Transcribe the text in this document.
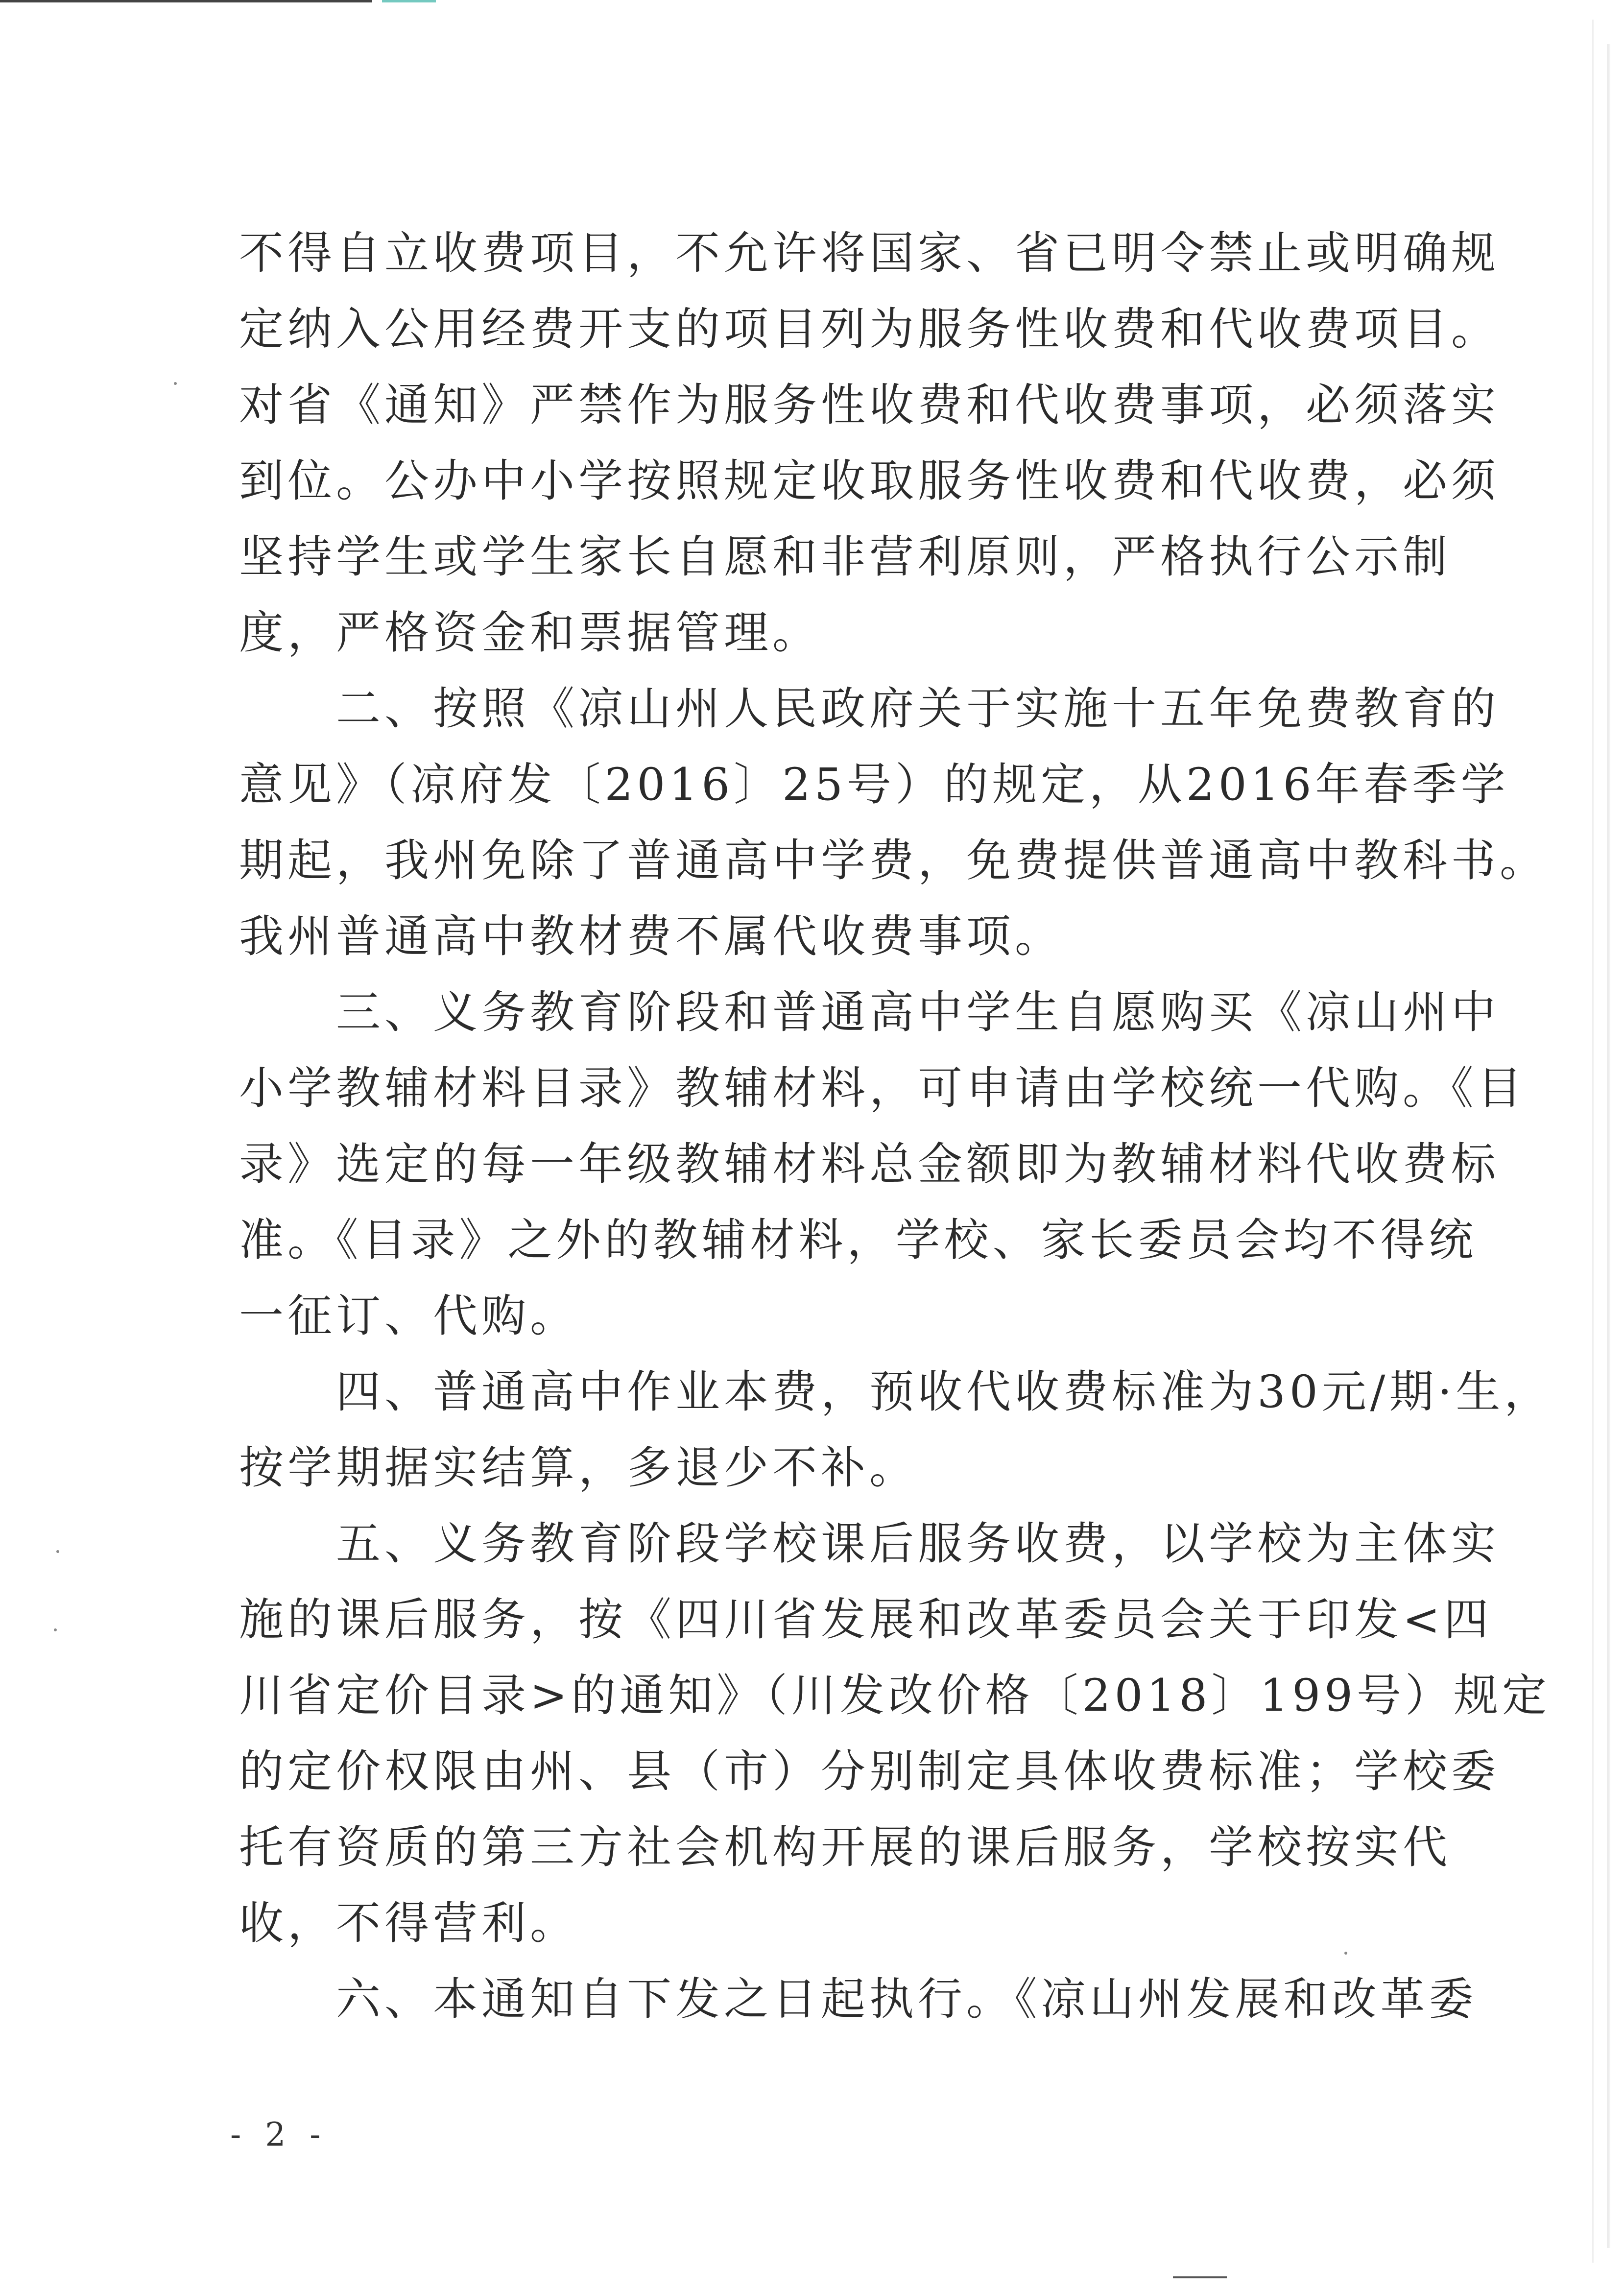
不得自立收费项目，不允许将国家、省已明令禁止或明确规
定纳入公用经费开支的项目列为服务性收费和代收费项目。
对省《通知》严禁作为服务性收费和代收费事项，必须落实
到位。公办中小学按照规定收取服务性收费和代收费，必须
坚持学生或学生家长自愿和非营利原则，严格执行公示制
度，严格资金和票据管理。
　　二、按照《凉山州人民政府关于实施十五年免费教育的
意见》（凉府发〔2016〕25号）的规定，从2016年春季学
期起，我州免除了普通高中学费，免费提供普通高中教科书。
我州普通高中教材费不属代收费事项。
　　三、义务教育阶段和普通高中学生自愿购买《凉山州中
小学教辅材料目录》教辅材料，可申请由学校统一代购。《目
录》选定的每一年级教辅材料总金额即为教辅材料代收费标
准。《目录》之外的教辅材料，学校、家长委员会均不得统
一征订、代购。
　　四、普通高中作业本费，预收代收费标准为30元/期·生，
按学期据实结算，多退少不补。
　　五、义务教育阶段学校课后服务收费，以学校为主体实
施的课后服务，按《四川省发展和改革委员会关于印发<四
川省定价目录>的通知》（川发改价格〔2018〕199号）规定
的定价权限由州、县（市）分别制定具体收费标准；学校委
托有资质的第三方社会机构开展的课后服务，学校按实代
收，不得营利。
　　六、本通知自下发之日起执行。《凉山州发展和改革委
- 2 -
